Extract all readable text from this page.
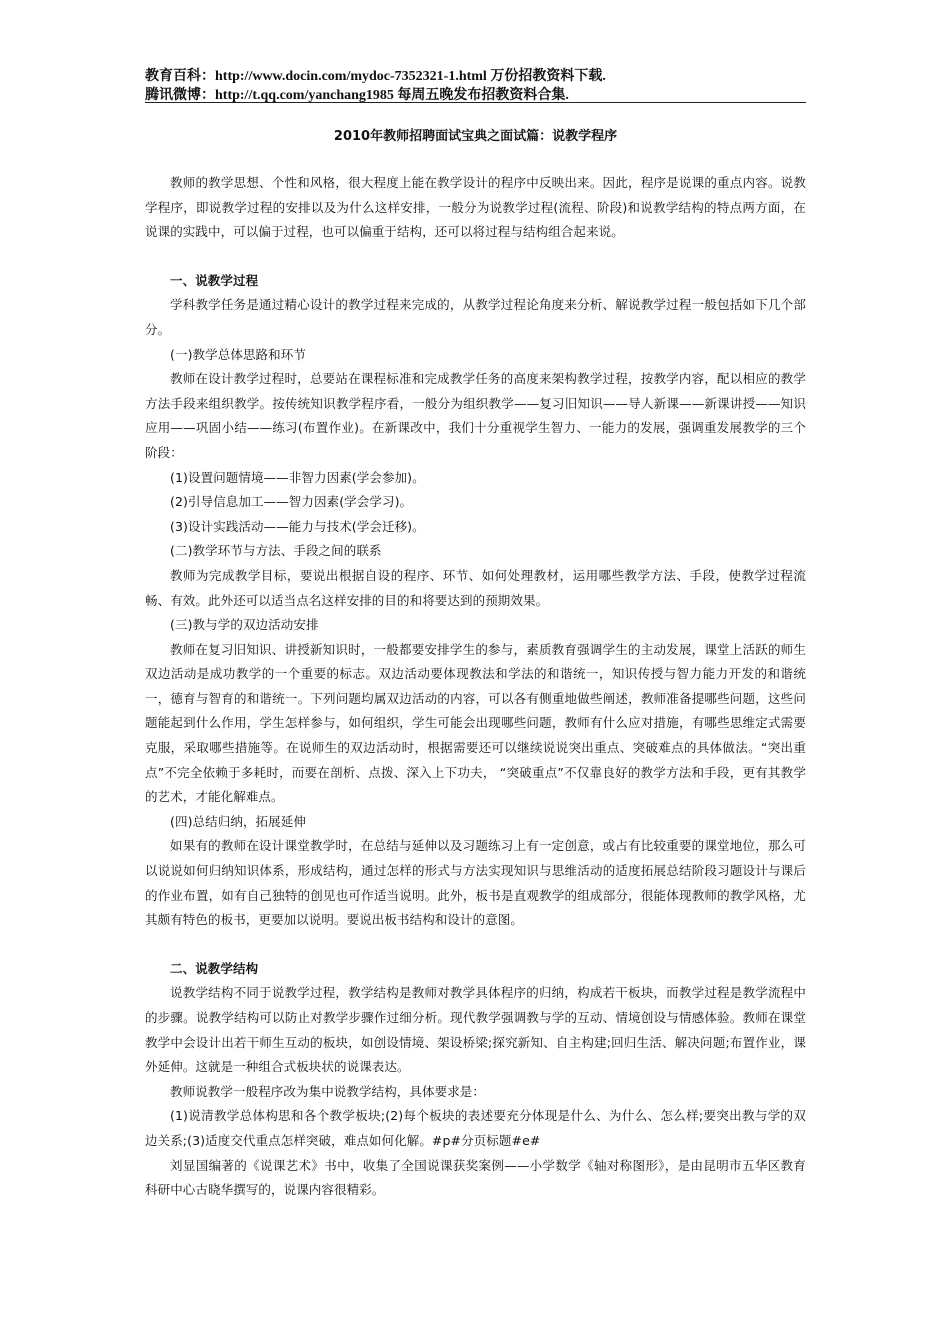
教育百科：http://www.docin.com/mydoc-7352321-1.html 万份招教资料下载.
腾讯微博：http://t.qq.com/yanchang1985 每周五晚发布招教资料合集.
2010年教师招聘面试宝典之面试篇：说教学程序

教师的教学思想、个性和风格，很大程度上能在教学设计的程序中反映出来。因此，程序是说课的重点内容。说教学程序，即说教学过程的安排以及为什么这样安排，一般分为说教学过程(流程、阶段)和说教学结构的特点两方面，在说课的实践中，可以偏于过程，也可以偏重于结构，还可以将过程与结构组合起来说。

一、说教学过程

学科教学任务是通过精心设计的教学过程来完成的，从教学过程论角度来分析、解说教学过程一般包括如下几个部分。

(一)教学总体思路和环节

教师在设计教学过程时，总要站在课程标准和完成教学任务的高度来架构教学过程，按教学内容，配以相应的教学方法手段来组织教学。按传统知识教学程序看，一般分为组织教学——复习旧知识——导人新课——新课讲授——知识应用——巩固小结——练习(布置作业)。在新课改中，我们十分重视学生智力、一能力的发展，强调重发展教学的三个阶段：

(1)设置问题情境——非智力因素(学会参加)。

(2)引导信息加工——智力因素(学会学习)。

(3)设计实践活动——能力与技术(学会迁移)。

(二)教学环节与方法、手段之间的联系

教师为完成教学目标，要说出根据自设的程序、环节、如何处理教材，运用哪些教学方法、手段，使教学过程流畅、有效。此外还可以适当点名这样安排的目的和将要达到的预期效果。

(三)教与学的双边活动安排

教师在复习旧知识、讲授新知识时，一般都要安排学生的参与，素质教育强调学生的主动发展，课堂上活跃的师生双边活动是成功教学的一个重要的标志。双边活动要体现教法和学法的和谐统一，知识传授与智力能力开发的和谐统一，德育与智育的和谐统一。下列问题均属双边活动的内容，可以各有侧重地做些阐述，教师准备提哪些问题，这些问题能起到什么作用，学生怎样参与，如何组织，学生可能会出现哪些问题，教师有什么应对措施，有哪些思维定式需要克服，采取哪些措施等。在说师生的双边活动时，根据需要还可以继续说说突出重点、突破难点的具体做法。“突出重点”不完全依赖于多耗时，而要在剖析、点拨、深入上下功夫， “突破重点”不仅靠良好的教学方法和手段，更有其教学的艺术，才能化解难点。

(四)总结归纳，拓展延伸

如果有的教师在设计课堂教学时，在总结与延伸以及习题练习上有一定创意，或占有比较重要的课堂地位，那么可以说说如何归纳知识体系，形成结构，通过怎样的形式与方法实现知识与思维活动的适度拓展总结阶段习题设计与课后的作业布置，如有自己独特的创见也可作适当说明。此外，板书是直观教学的组成部分，很能体现教师的教学风格，尤其颇有特色的板书，更要加以说明。要说出板书结构和设计的意图。

二、说教学结构

说教学结构不同于说教学过程，教学结构是教师对教学具体程序的归纳，构成若干板块，而教学过程是教学流程中的步骤。说教学结构可以防止对教学步骤作过细分析。现代教学强调教与学的互动、情境创设与情感体验。教师在课堂教学中会设计出若干师生互动的板块，如创设情境、架设桥梁;探究新知、自主构建;回归生活、解决问题;布置作业，课外延伸。这就是一种组合式板块状的说课表达。

教师说教学一般程序改为集中说教学结构，具体要求是：

(1)说清教学总体构思和各个教学板块;(2)每个板块的表述要充分体现是什么、为什么、怎么样;要突出教与学的双边关系;(3)适度交代重点怎样突破，难点如何化解。#p#分页标题#e#

刘显国编著的《说课艺术》书中，收集了全国说课获奖案例——小学数学《轴对称图形》，是由昆明市五华区教育科研中心古晓华撰写的，说课内容很精彩。
